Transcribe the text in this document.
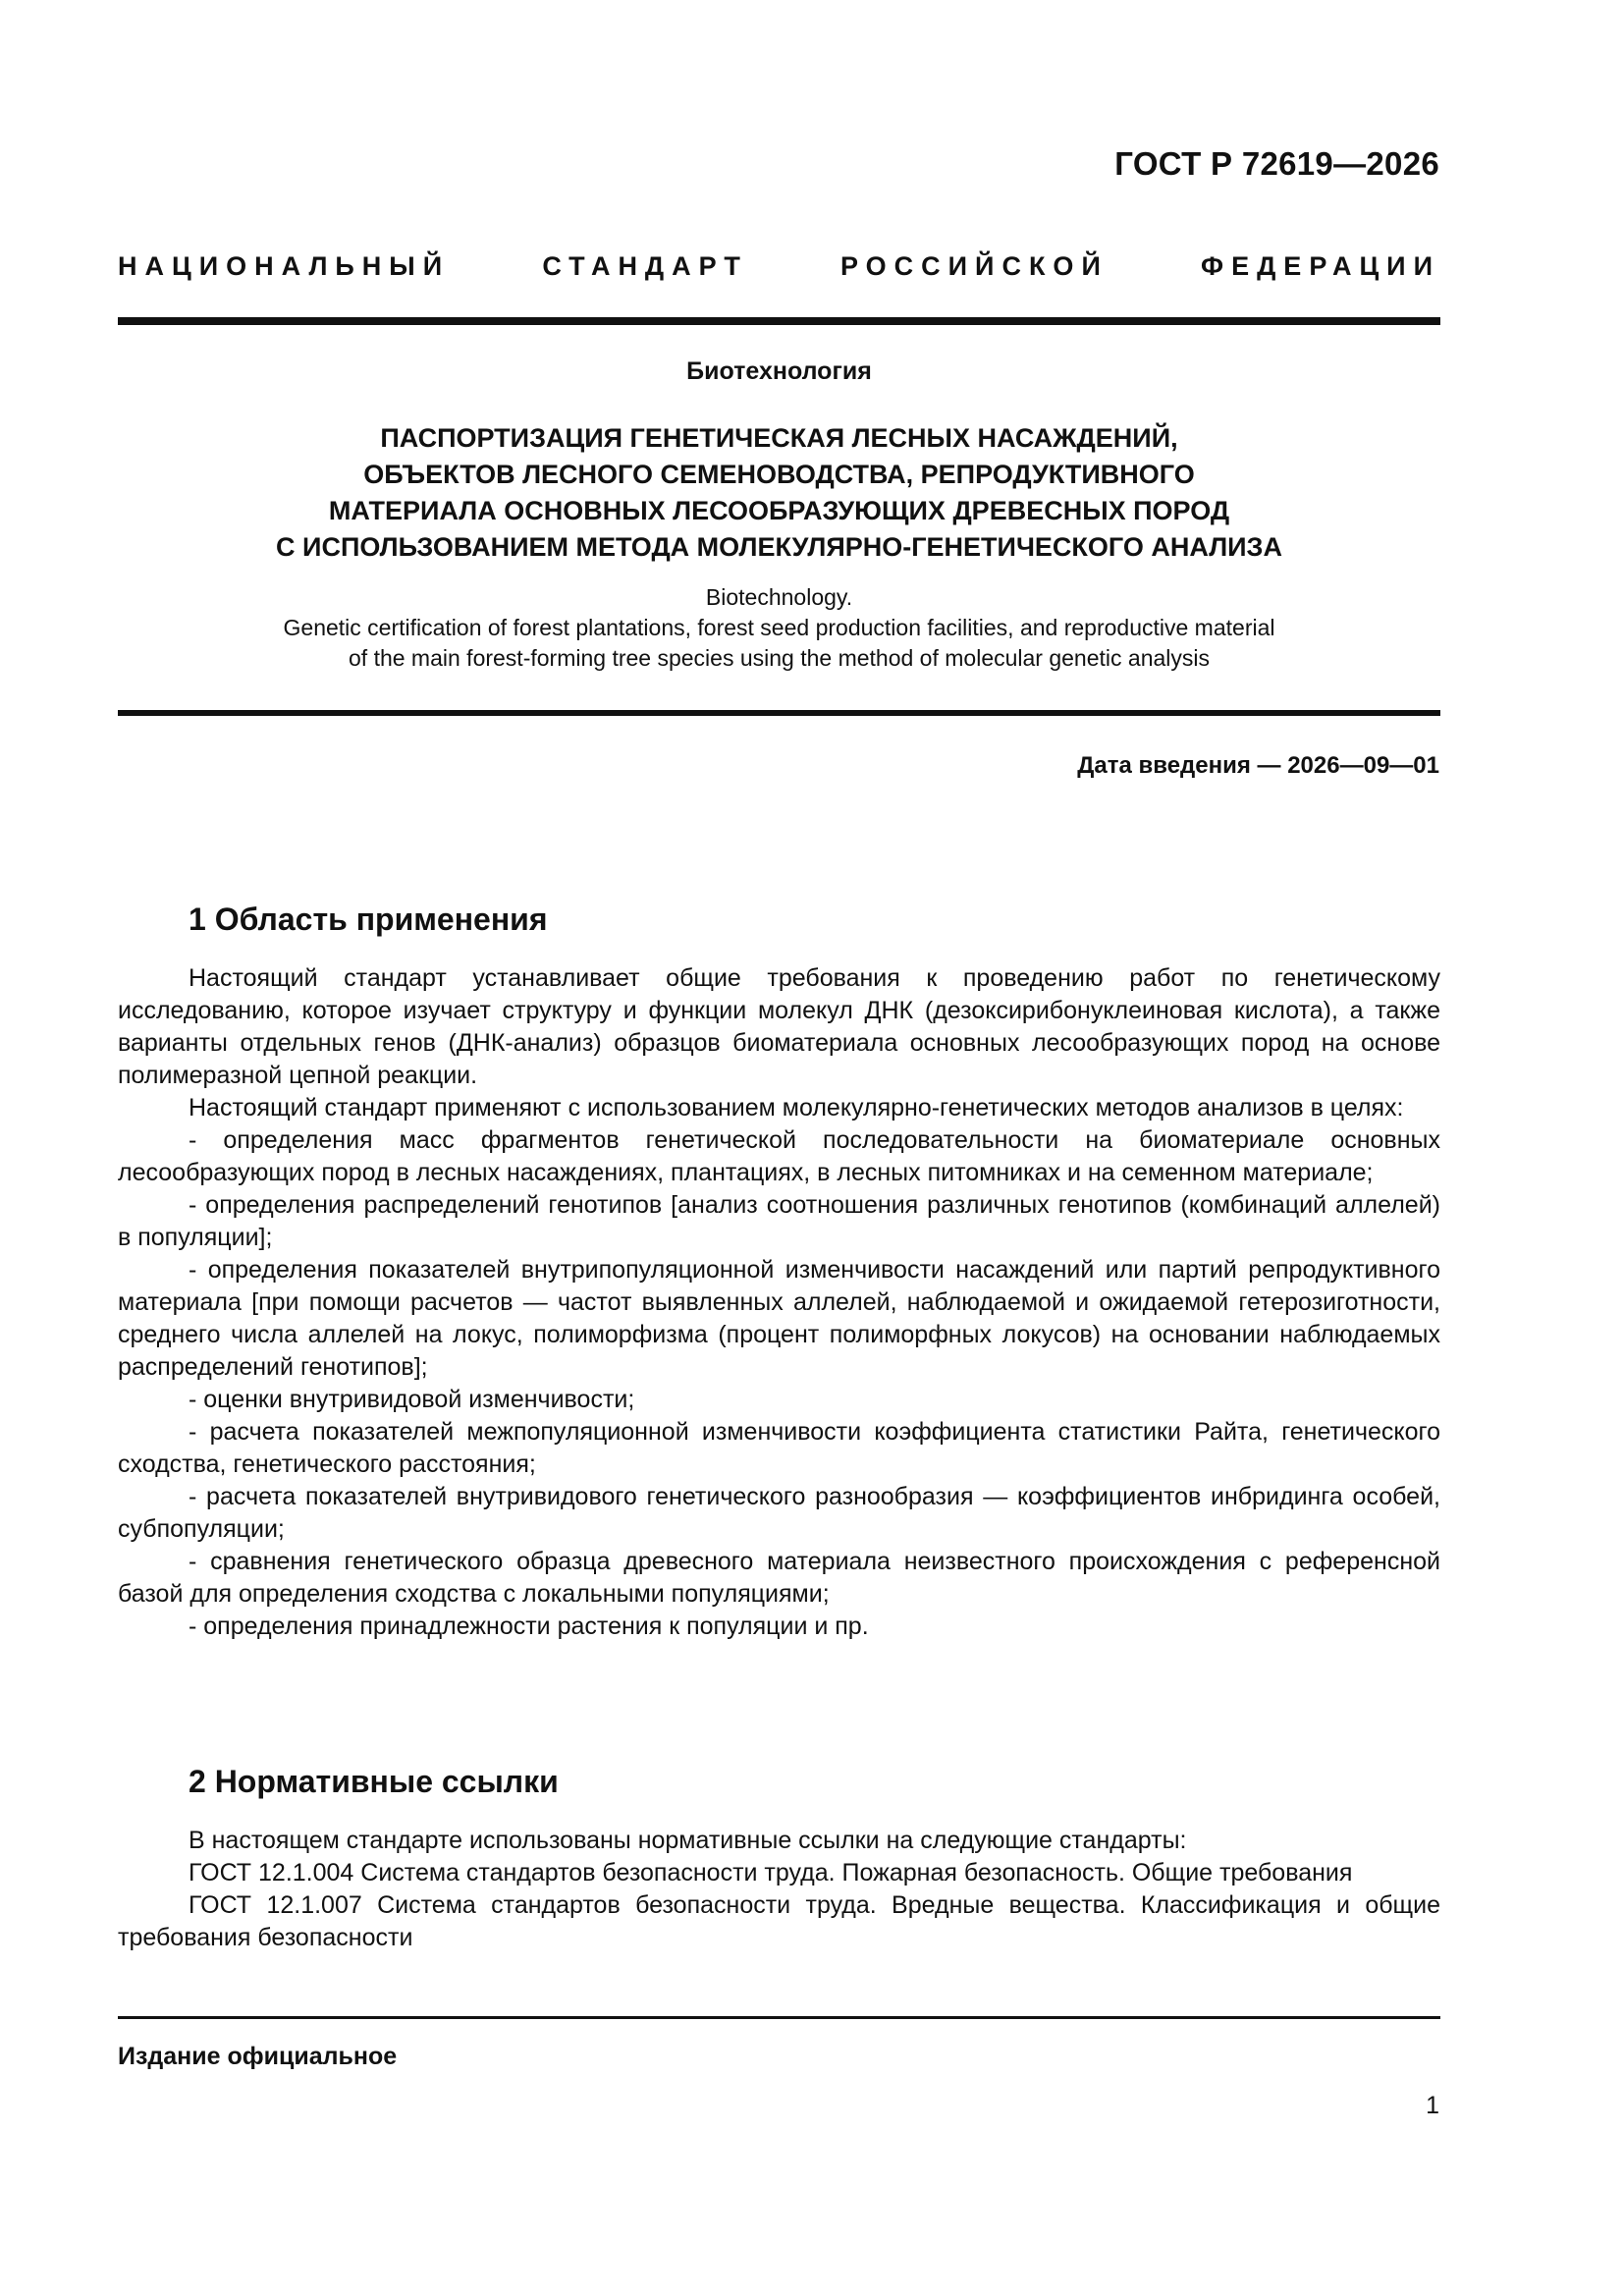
ГОСТ Р 72619—2026
НАЦИОНАЛЬНЫЙ СТАНДАРТ РОССИЙСКОЙ ФЕДЕРАЦИИ
Биотехнология
ПАСПОРТИЗАЦИЯ ГЕНЕТИЧЕСКАЯ ЛЕСНЫХ НАСАЖДЕНИЙ,
ОБЪЕКТОВ ЛЕСНОГО СЕМЕНОВОДСТВА, РЕПРОДУКТИВНОГО
МАТЕРИАЛА ОСНОВНЫХ ЛЕСООБРАЗУЮЩИХ ДРЕВЕСНЫХ ПОРОД
С ИСПОЛЬЗОВАНИЕМ МЕТОДА МОЛЕКУЛЯРНО-ГЕНЕТИЧЕСКОГО АНАЛИЗА
Biotechnology.
Genetic certification of forest plantations, forest seed production facilities, and reproductive material
of the main forest-forming tree species using the method of molecular genetic analysis
Дата введения — 2026—09—01
1 Область применения

Настоящий стандарт устанавливает общие требования к проведению работ по генетическому исследованию, которое изучает структуру и функции молекул ДНК (дезоксирибонуклеиновая кислота), а также варианты отдельных генов (ДНК-анализ) образцов биоматериала основных лесообразующих пород на основе полимеразной цепной реакции.

Настоящий стандарт применяют с использованием молекулярно-генетических методов анализов в целях:

- определения масс фрагментов генетической последовательности на биоматериале основных лесообразующих пород в лесных насаждениях, плантациях, в лесных питомниках и на семенном материале;

- определения распределений генотипов [анализ соотношения различных генотипов (комбинаций аллелей) в популяции];

- определения показателей внутрипопуляционной изменчивости насаждений или партий репродуктивного материала [при помощи расчетов — частот выявленных аллелей, наблюдаемой и ожидаемой гетерозиготности, среднего числа аллелей на локус, полиморфизма (процент полиморфных локусов) на основании наблюдаемых распределений генотипов];

- оценки внутривидовой изменчивости;

- расчета показателей межпопуляционной изменчивости коэффициента статистики Райта, генетического сходства, генетического расстояния;

- расчета показателей внутривидового генетического разнообразия — коэффициентов инбридинга особей, субпопуляции;

- сравнения генетического образца древесного материала неизвестного происхождения с референсной базой для определения сходства с локальными популяциями;

- определения принадлежности растения к популяции и пр.

2 Нормативные ссылки

В настоящем стандарте использованы нормативные ссылки на следующие стандарты:

ГОСТ 12.1.004 Система стандартов безопасности труда. Пожарная безопасность. Общие требования

ГОСТ 12.1.007 Система стандартов безопасности труда. Вредные вещества. Классификация и общие требования безопасности

Издание официальное
1
